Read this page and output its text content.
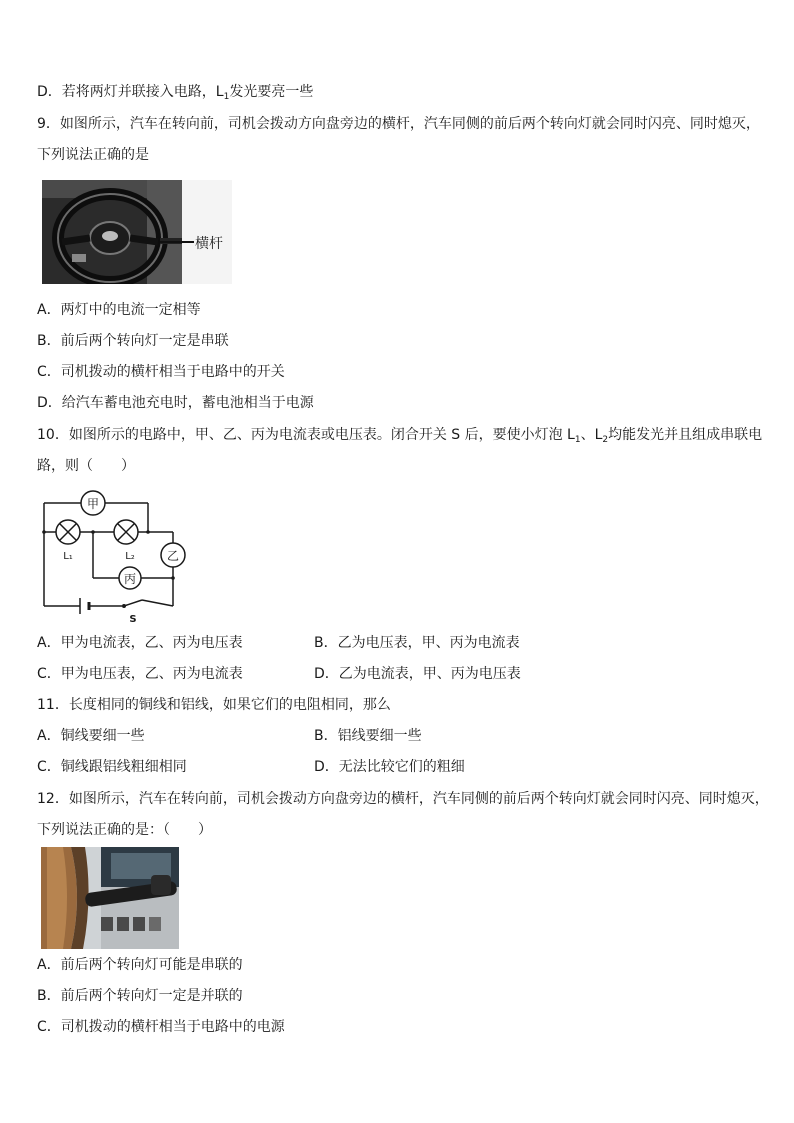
D．若将两灯并联接入电路，$L_1$发光要亮一些
9．如图所示，汽车在转向前，司机会拨动方向盘旁边的横杆，汽车同侧的前后两个转向灯就会同时闪亮、同时熄灭，
下列说法正确的是
横杆
A．两灯中的电流一定相等
B．前后两个转向灯一定是串联
C．司机拨动的横杆相当于电路中的开关
D．给汽车蓄电池充电时，蓄电池相当于电源
10．如图所示的电路中，甲、乙、丙为电流表或电压表。闭合开关 S 后，要使小灯泡 $L_1$、$L_2$均能发光并且组成串联电
路，则（　　）
甲
乙
丙
L₁	L₂
S
A．甲为电流表，乙、丙为电压表	B．乙为电压表，甲、丙为电流表
C．甲为电压表，乙、丙为电流表	D．乙为电流表，甲、丙为电压表
11．长度相同的铜线和铝线，如果它们的电阻相同，那么
A．铜线要细一些	B．铝线要细一些
C．铜线跟铝线粗细相同	D．无法比较它们的粗细
12．如图所示，汽车在转向前，司机会拨动方向盘旁边的横杆，汽车同侧的前后两个转向灯就会同时闪亮、同时熄灭，
下列说法正确的是：（　　）
A．前后两个转向灯可能是串联的
B．前后两个转向灯一定是并联的
C．司机拨动的横杆相当于电路中的电源
